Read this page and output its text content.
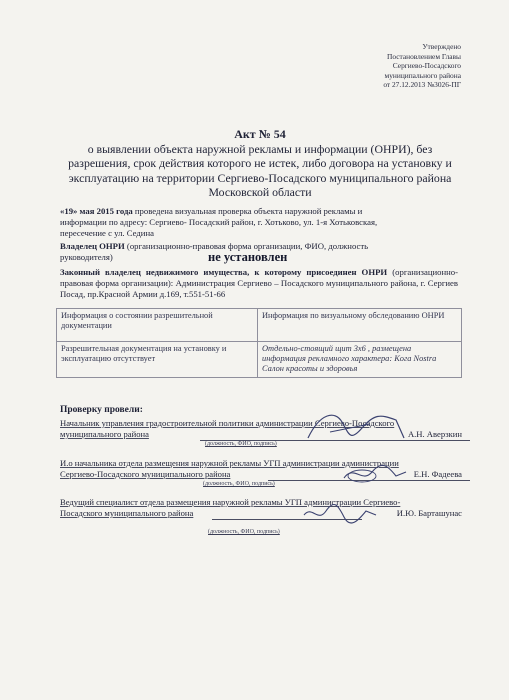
Утверждено
Постановлением Главы
Сергиево-Посадского
муниципального района
от 27.12.2013 №3026-ПГ
Акт № 54
о выявлении объекта наружной рекламы и информации (ОНРИ), без
разрешения, срок действия которого не истек, либо договора на установку и
эксплуатацию на территории Сергиево-Посадского муниципального района
Московской области
«19» мая 2015 года проведена визуальная проверка объекта наружной рекламы и
информации по адресу: Сергиево- Посадский район, г. Хотьково, ул. 1-я Хотьковская,
пересечение с ул. Седина
Владелец ОНРИ (организационно-правовая форма организации, ФИО, должность
руководителя)	не установлен
Законный владелец недвижимого имущества, к которому присоединен ОНРИ (организационно-правовая форма организации): Администрация Сергиево – Посадского муниципального района, г. Сергиев Посад, пр.Красной Армии д.169, т.551-51-66
Информация о состоянии разрешительной документации	Информация по визуальному обследованию ОНРИ
Разрешительная документация на установку и эксплуатацию отсутствует	Отдельно-стоящий щит 3х6 , размещена информация рекламного характера: Koга Nostra Салон красоты и здоровья
Проверку провели:
Начальник управления градостроительной политики администрации Сергиево-Посадского
муниципального района	А.Н. Аверзкин
(должность, ФИО, подпись)
И.о начальника отдела размещения наружной рекламы УГП администрации администрации
Сергиево-Посадского муниципального района	Е.Н. Фадеева
(должность, ФИО, подпись)
Ведущий специалист отдела размещения наружной рекламы УГП администрации Сергиево-
Посадского муниципального района	И.Ю. Барташунас
(должность, ФИО, подпись)
